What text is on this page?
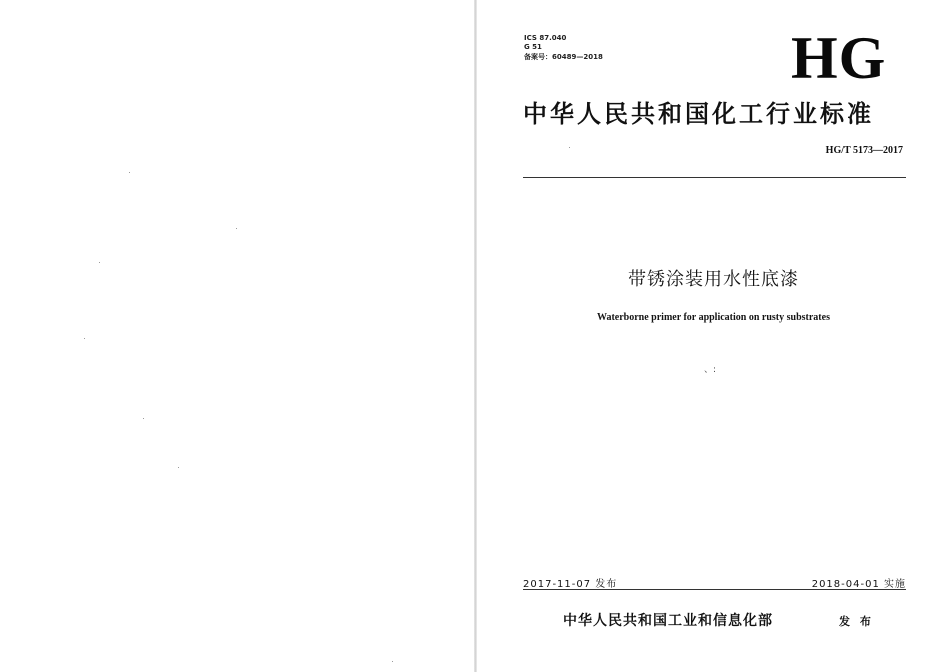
ICS 87.040
G 51
备案号：60489—2018	HG
中华人民共和国化工行业标准
HG/T 5173—2017
带锈涂装用水性底漆
Waterborne primer for application on rusty substrates
、:
2017-11-07 发布	2018-04-01 实施
中华人民共和国工业和信息化部	发 布
